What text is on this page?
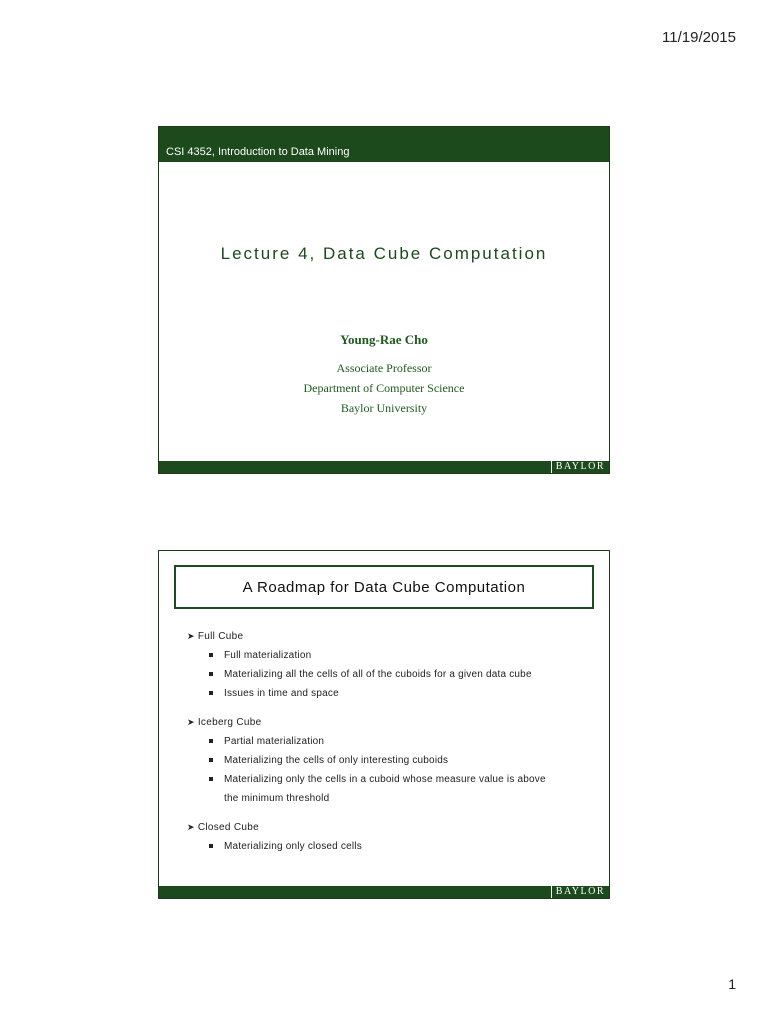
11/19/2015
CSI 4352, Introduction to Data Mining
Lecture 4, Data Cube Computation
Young-Rae Cho
Associate Professor
Department of Computer Science
Baylor University
BAYLOR
A Roadmap for Data Cube Computation
➤ Full Cube
Full materialization
Materializing all the cells of all of the cuboids for a given data cube
Issues in time and space
➤ Iceberg Cube
Partial materialization
Materializing the cells of only interesting cuboids
Materializing only the cells in a cuboid whose measure value is above
the minimum threshold
➤ Closed Cube
Materializing only closed cells
BAYLOR
1
